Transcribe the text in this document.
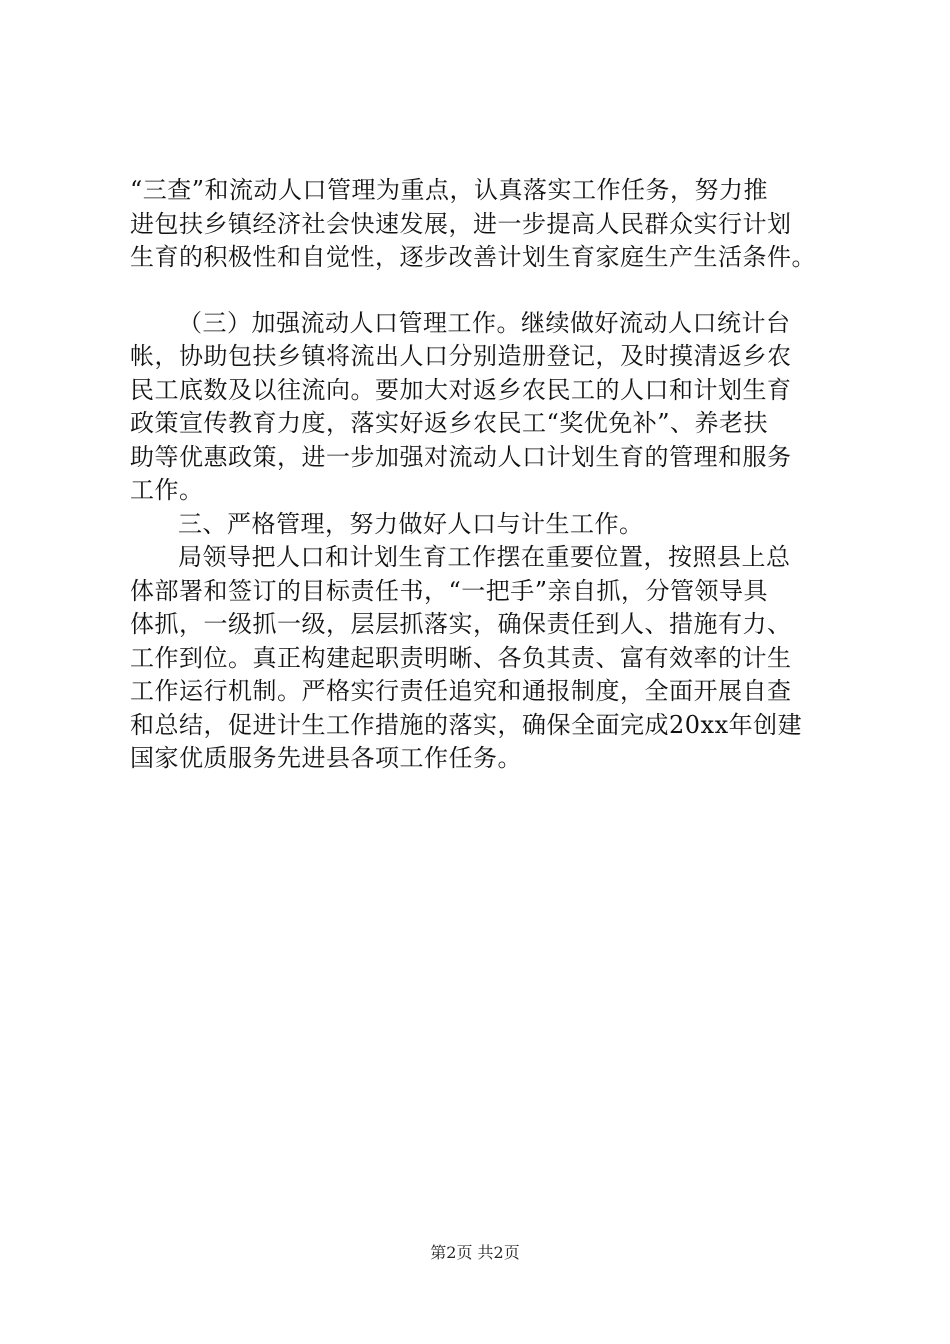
“三查”和流动人口管理为重点，认真落实工作任务，努力推
进包扶乡镇经济社会快速发展，进一步提高人民群众实行计划
生育的积极性和自觉性，逐步改善计划生育家庭生产生活条件。
（三）加强流动人口管理工作。继续做好流动人口统计台
帐，协助包扶乡镇将流出人口分别造册登记，及时摸清返乡农
民工底数及以往流向。要加大对返乡农民工的人口和计划生育
政策宣传教育力度，落实好返乡农民工“奖优免补”、养老扶
助等优惠政策，进一步加强对流动人口计划生育的管理和服务
工作。
三、严格管理，努力做好人口与计生工作。
局领导把人口和计划生育工作摆在重要位置，按照县上总
体部署和签订的目标责任书，“一把手”亲自抓，分管领导具
体抓，一级抓一级，层层抓落实，确保责任到人、措施有力、
工作到位。真正构建起职责明晰、各负其责、富有效率的计生
工作运行机制。严格实行责任追究和通报制度，全面开展自查
和总结，促进计生工作措施的落实，确保全面完成20xx年创建
国家优质服务先进县各项工作任务。
第2页 共2页
